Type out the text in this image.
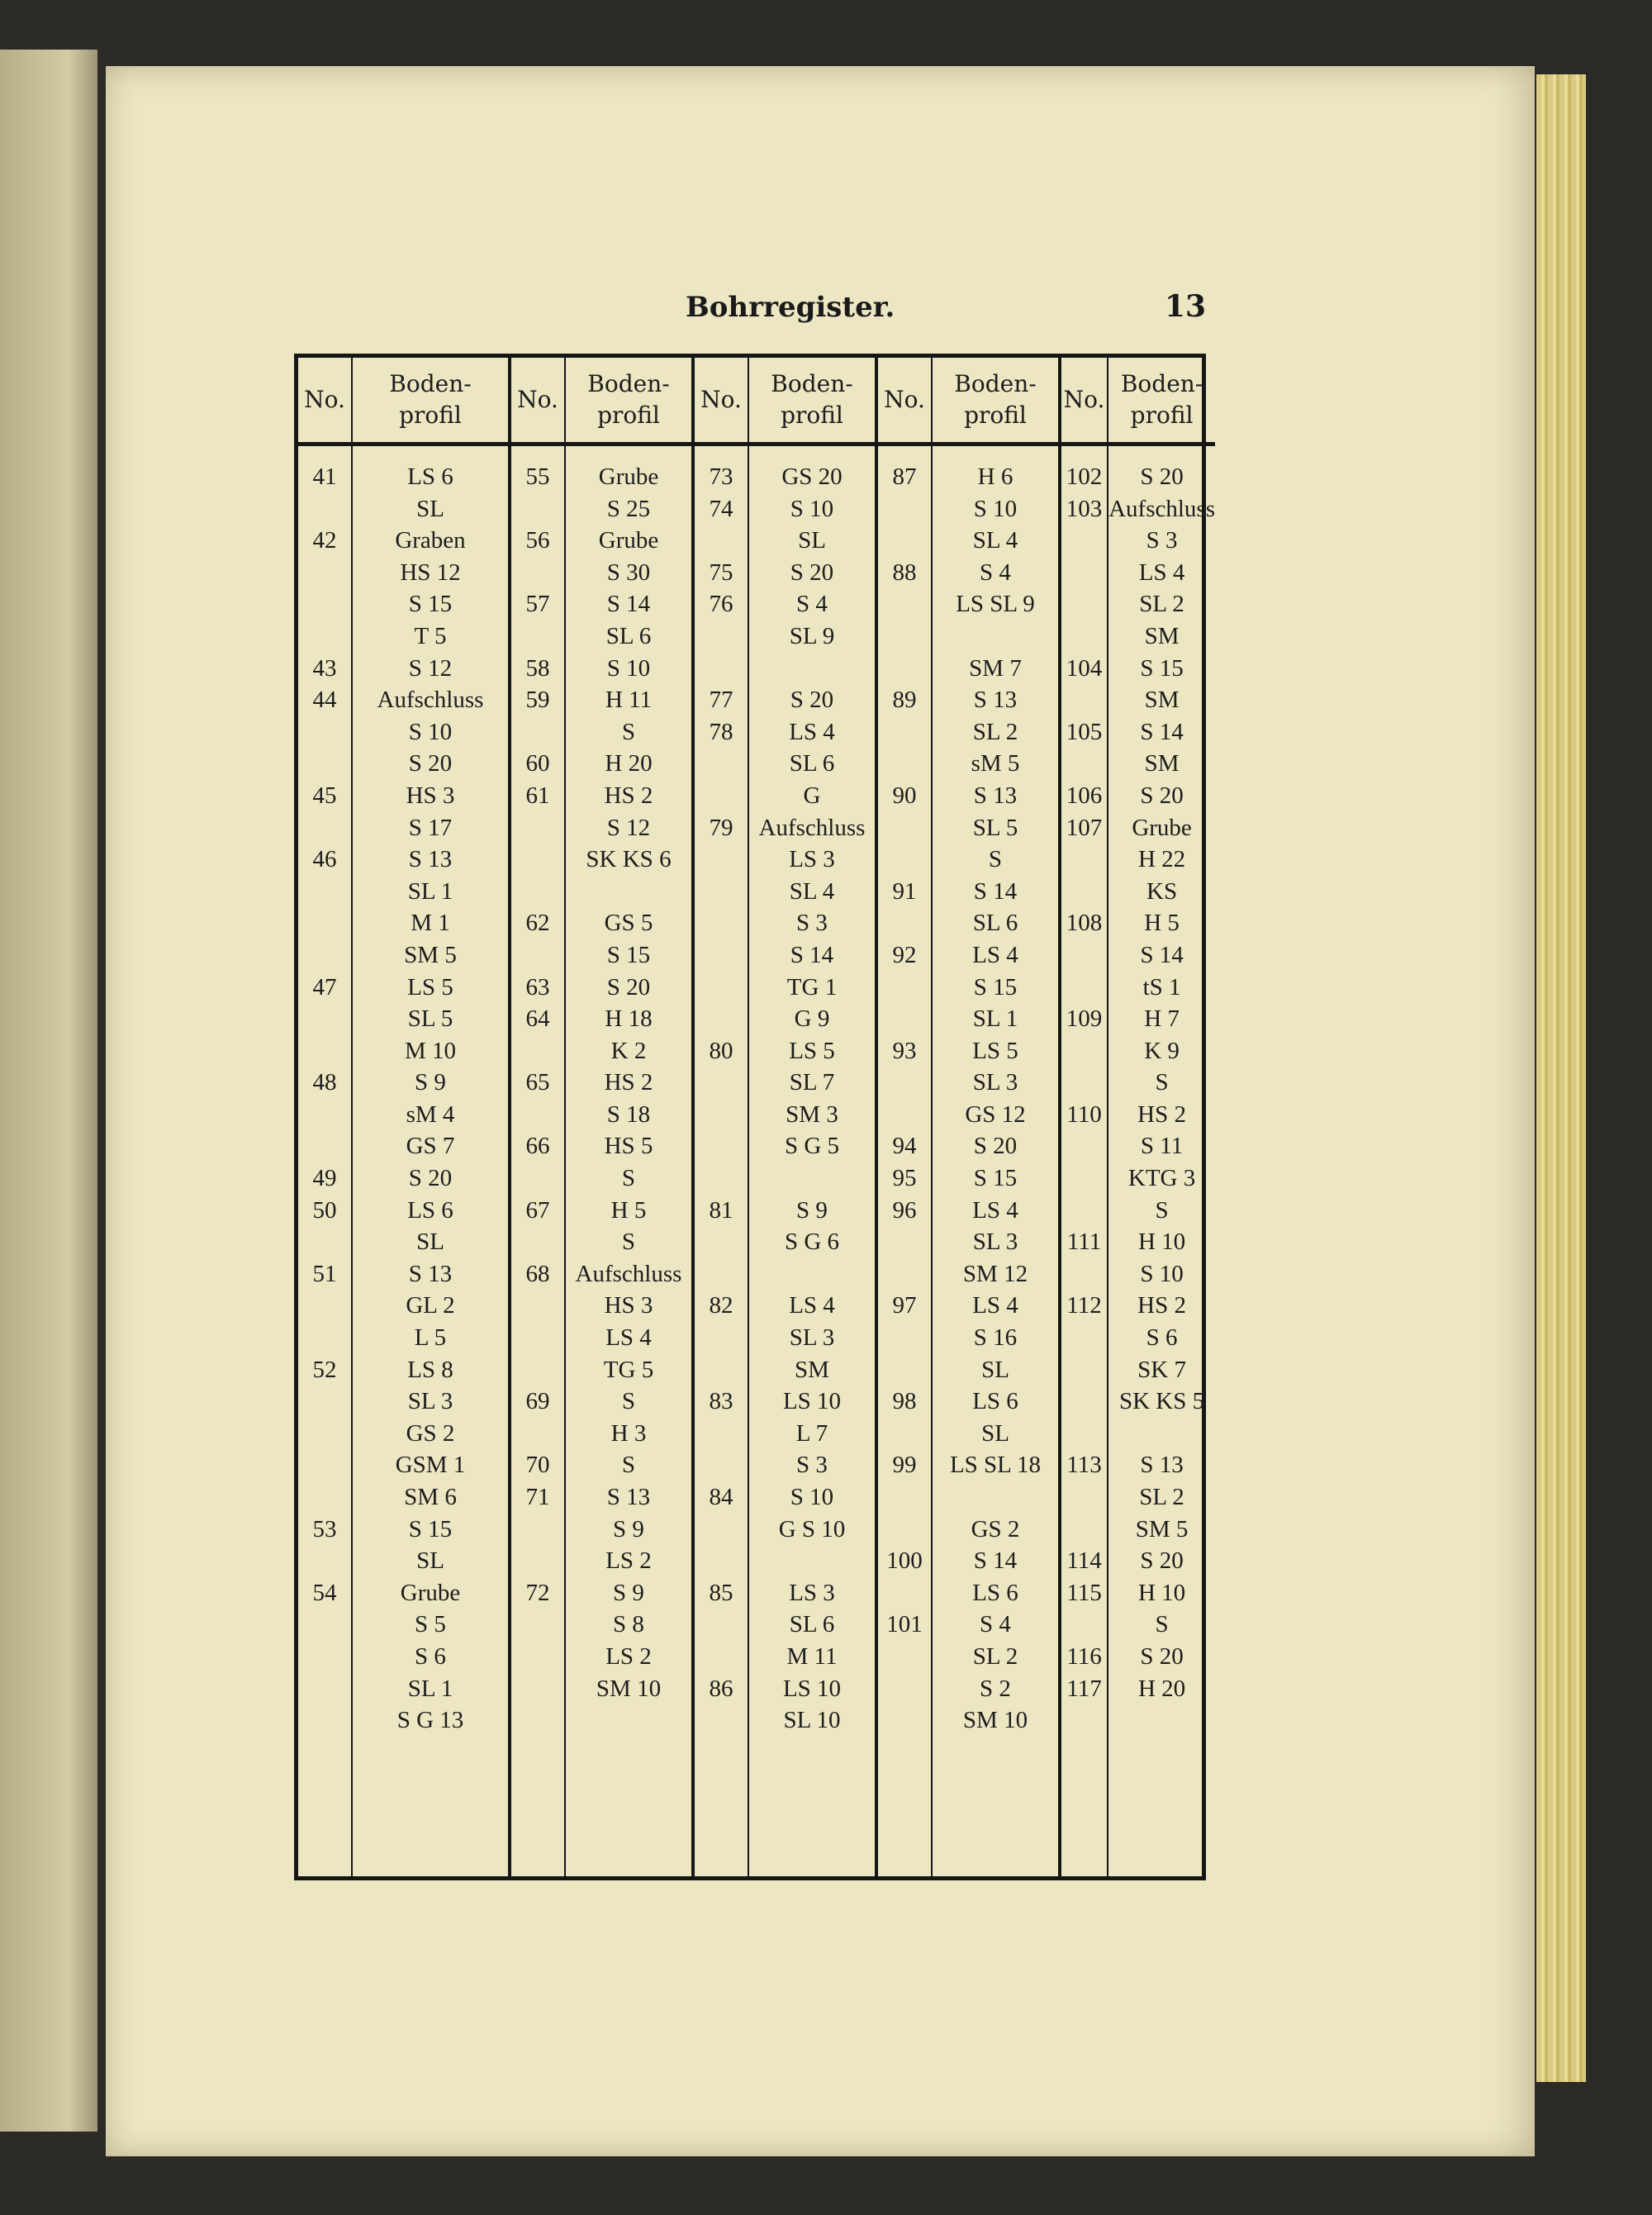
Bohrregister.	13
No.
41
42
43
44
45
46
47
48
49
50
51
52
53
54
Boden-
profil
LS 6
SL
Graben
HS 12
S 15
T 5
S 12
Aufschluss
S 10
S 20
HS 3
S 17
S 13
SL 1
M 1
SM 5
LS 5
SL 5
M 10
S 9
sM 4
GS 7
S 20
LS 6
SL
S 13
GL 2
L 5
LS 8
SL 3
GS 2
GSM 1
SM 6
S 15
SL
Grube
S 5
S 6
SL 1
S G 13
No.
55
56
57
58
59
60
61
62
63
64
65
66
67
68
69
70
71
72
Boden-
profil
Grube
S 25
Grube
S 30
S 14
SL 6
S 10
H 11
S
H 20
HS 2
S 12
SK KS 6
GS 5
S 15
S 20
H 18
K 2
HS 2
S 18
HS 5
S
H 5
S
Aufschluss
HS 3
LS 4
TG 5
S
H 3
S
S 13
S 9
LS 2
S 9
S 8
LS 2
SM 10
No.
73
74
75
76
77
78
79
80
81
82
83
84
85
86
Boden-
profil
GS 20
S 10
SL
S 20
S 4
SL 9
S 20
LS 4
SL 6
G
Aufschluss
LS 3
SL 4
S 3
S 14
TG 1
G 9
LS 5
SL 7
SM 3
S G 5
S 9
S G 6
LS 4
SL 3
SM
LS 10
L 7
S 3
S 10
G S 10
LS 3
SL 6
M 11
LS 10
SL 10
No.
87
88
89
90
91
92
93
94
95
96
97
98
99
100
101
Boden-
profil
H 6
S 10
SL 4
S 4
LS SL 9
SM 7
S 13
SL 2
sM 5
S 13
SL 5
S
S 14
SL 6
LS 4
S 15
SL 1
LS 5
SL 3
GS 12
S 20
S 15
LS 4
SL 3
SM 12
LS 4
S 16
SL
LS 6
SL
LS SL 18
GS 2
S 14
LS 6
S 4
SL 2
S 2
SM 10
No.
102
103
104
105
106
107
108
109
110
111
112
113
114
115
116
117
Boden-
profil
S 20
Aufschluss
S 3
LS 4
SL 2
SM
S 15
SM
S 14
SM
S 20
Grube
H 22
KS
H 5
S 14
tS 1
H 7
K 9
S
HS 2
S 11
KTG 3
S
H 10
S 10
HS 2
S 6
SK 7
SK KS 5
S 13
SL 2
SM 5
S 20
H 10
S
S 20
H 20
